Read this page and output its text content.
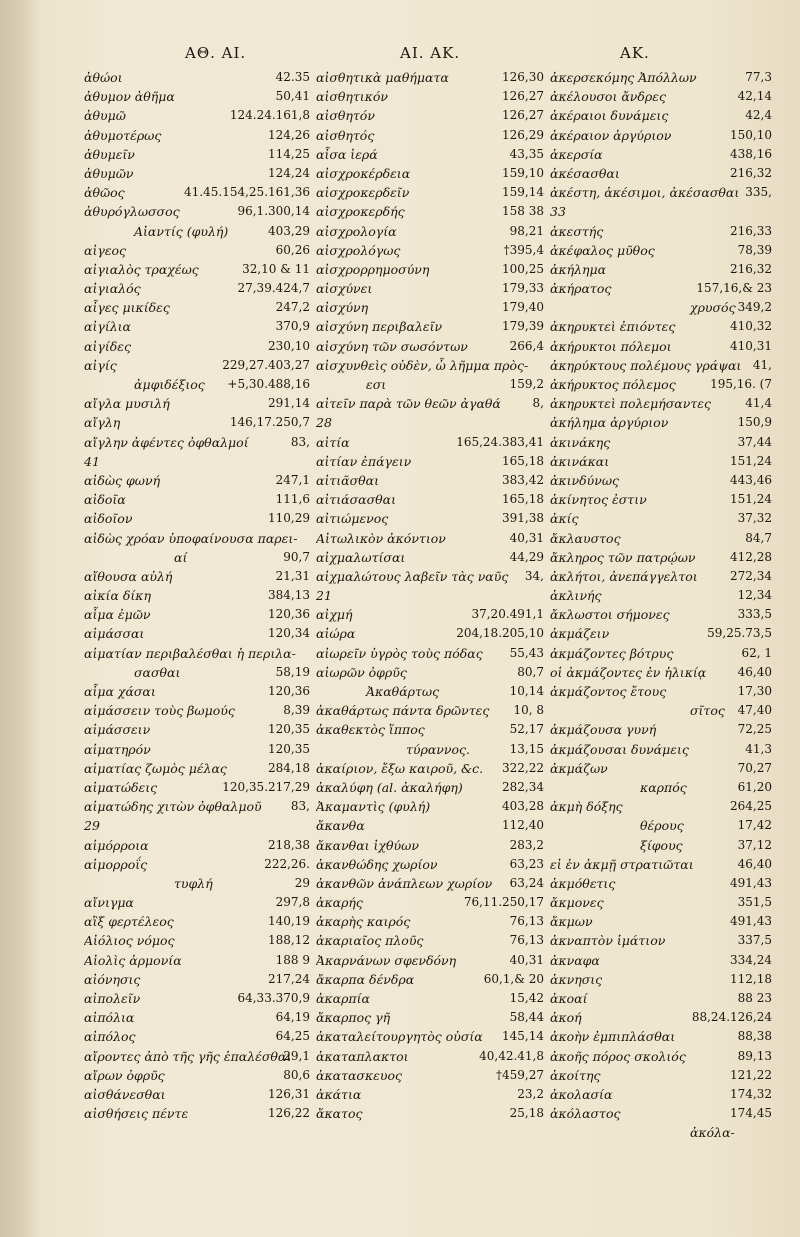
ΑΘ. ΑΙ.	ΑΙ. ΑΚ.	ΑΚ.
ἀθώοι	42.35
ἀθυμον ἀθῆμα	50,41
ἀθυμῶ	124.24.161,8
ἀθυμοτέρως	124,26
ἀθυμεῖν	114,25
ἀθυμῶν	124,24
ἀθῶος	41.45.154,25.161,36
ἀθυρόγλωσσος	96,1.300,14
Αἰαντίς (φυλή)	403,29
αἰγεος	60,26
αἰγιαλὸς τραχέως	32,10 & 11
αἰγιαλός	27,39.424,7
αἶγες μικίδες	247,2
αἰγίλια	370,9
αἰγίδες	230,10
αἰγίς	229,27.403,27
ἀμφιδέξιος +5,30.488,16
αἴγλα μυσιλή	291,14
αἴγλη	146,17.250,7
αἴγλην ἀφέντες ὀφθαλμοί	83,
41
αἰδὼς φωνή	247,1
αἰδοῖα	111,6
αἰδοῖον	110,29
αἰδὼς χρόαν ὑποφαίνουσα παρει-
αί	90,7
αἴθουσα αὐλή	21,31
αἰκία δίκη	384,13
αἷμα ἐμῶν	120,36
αἱμάσσαι	120,34
αἱματίαν περιβαλέσθαι ἡ περιλα-
σασθαι	58,19
αἷμα χάσαι	120,36
αἱμάσσειν τοὺς βωμούς	8,39
αἱμάσσειν	120,35
αἱματηρόν	120,35
αἱματίας ζωμὸς μέλας	284,18
αἱματώδεις	120,35.217,29
αἱματώδης χιτὼν ὀφθαλμοῦ 83,
29
αἱμόρροια	218,38
αἱμορροΐς	222,26.
τυφλή	29
αἴνιγμα	297,8
αἲξ φερτέλεος	140,19
Αἰόλιος νόμος	188,12
Αἰολὶς ἁρμονία	188 9
αἰόνησις	217,24
αἰπολεῖν	64,33.370,9
αἰπόλια	64,19
αἰπόλος	64,25
αἴροντες ἀπὸ τῆς γῆς ἐπαλέσθαι
29,1
αἴρων ὀφρῦς	80,6
αἰσθάνεσθαι	126,31
αἰσθήσεις πέντε	126,22
αἰσθητικὰ μαθήματα	126,30
αἰσθητικόν	126,27
αἰσθητόν	126,27
αἰσθητός	126,29
αἶσα ἱερά	43,35
αἰσχροκέρδεια	159,10
αἰσχροκερδεῖν	159,14
αἰσχροκερδής	158 38
αἰσχρολογία	98,21
αἰσχρολόγως	†395,4
αἰσχρορρημοσύνη	100,25
αἰσχύνει	179,33
αἰσχύνη	179,40
αἰσχύνη περιβαλεῖν	179,39
αἰσχύνη τῶν σωσόντων	266,4
αἰσχυνθεὶς οὐδὲν, ὦ λῆμμα πρὸς-
εσι	159,2
αἰτεῖν παρὰ τῶν θεῶν ἀγαθά	8,
28
αἰτία	165,24.383,41
αἰτίαν ἐπάγειν	165,18
αἰτιᾶσθαι	383,42
αἰτιάσασθαι	165,18
αἰτιώμενος	391,38
Αἰτωλικὸν ἀκόντιον	40,31
αἰχμαλωτίσαι	44,29
αἰχμαλώτους λαβεῖν τὰς ναῦς 34,
21
αἰχμή	37,20.491,1
αἰώρα	204,18.205,10
αἰωρεῖν ὑγρὸς τοὺς πόδας 55,43
αἰωρῶν ὀφρῦς	80,7
Ἀκαθάρτως	10,14
ἀκαθάρτως πάντα δρῶντες 10, 8
ἀκαθεκτὸς ἵππος	52,17
τύραννος.	13,15
ἀκαίριον, ἔξω καιροῦ, &c. 322,22
ἀκαλύφη (al. ἀκαλήφη)	282,34
Ἀκαμαντὶς (φυλή)	403,28
ἄκανθα	112,40
ἄκανθαι ἰχθύων	283,2
ἀκανθώδης χωρίον	63,23
ἀκανθῶν ἀνάπλεων χωρίον 63,24
ἀκαρής	76,11.250,17
ἀκαρὴς καιρός	76,13
ἀκαριαῖος πλοῦς	76,13
Ἀκαρνάνων σφενδόνη	40,31
ἄκαρπα δένδρα	60,1,& 20
ἀκαρπία	15,42
ἄκαρπος γῆ	58,44
ἀκαταλείτουργητὸς οὐσία 145,14
ἀκαταπλακτοι	40,42.41,8
ἀκατασκευος	†459,27
ἀκάτια	23,2
ἄκατος	25,18
ἀκερσεκόμης Ἀπόλλων	77,3
ἀκέλουσοι ἄνδρες	42,14
ἀκέραιοι δυνάμεις	42,4
ἀκέραιον ἀργύριον	150,10
ἀκερσία	438,16
ἀκέσασθαι	216,32
ἀκέστη, ἀκέσιμοι, ἀκέσασθαι 335,
33
ἀκεστής	216,33
ἀκέφαλος μῦθος	78,39
ἀκήλημα	216,32
ἀκήρατος	157,16,& 23
χρυσός 349,2
ἀκηρυκτεὶ ἐπιόντες	410,32
ἀκήρυκτοι πόλεμοι	410,31
ἀκηρύκτους πολέμους γράψαι 41,
ἀκήρυκτος πόλεμος	195,16. (7
ἀκηρυκτεὶ πολεμήσαντες	41,4
ἀκήλημα ἀργύριον	150,9
ἀκινάκης	37,44
ἀκινάκαι	151,24
ἀκινδύνως	443,46
ἀκίνητος ἐστιν	151,24
ἀκίς	37,32
ἄκλαυστος	84,7
ἄκληρος τῶν πατρῴων	412,28
ἀκλήτοι, ἀνεπάγγελτοι	272,34
ἀκλινής	12,34
ἄκλωστοι σήμονες	333,5
ἀκμάζειν	59,25.73,5
ἀκμάζοντες βότρυς	62, 1
οἱ ἀκμάζοντες ἐν ἡλικίᾳ	46,40
ἀκμάζοντος ἔτους	17,30
σῖτος 47,40
ἀκμάζουσα γυνή	72,25
ἀκμάζουσαι δυνάμεις	41,3
ἀκμάζων	70,27
καρπός	61,20
ἀκμὴ δόξης	264,25
θέρους	17,42
ξίφους	37,12
εἰ ἐν ἀκμῇ στρατιῶται	46,40
ἀκμόθετις	491,43
ἄκμονες	351,5
ἄκμων	491,43
ἀκναπτὸν ἱμάτιον	337,5
ἀκναφα	334,24
ἀκνησις	112,18
ἀκοαί	88 23
ἀκοή	88,24.126,24
ἀκοὴν ἐμπιπλάσθαι	88,38
ἀκοῆς πόρος σκολιός	89,13
ἀκοίτης	121,22
ἀκολασία	174,32
ἀκόλαστος	174,45
ἀκόλα-
